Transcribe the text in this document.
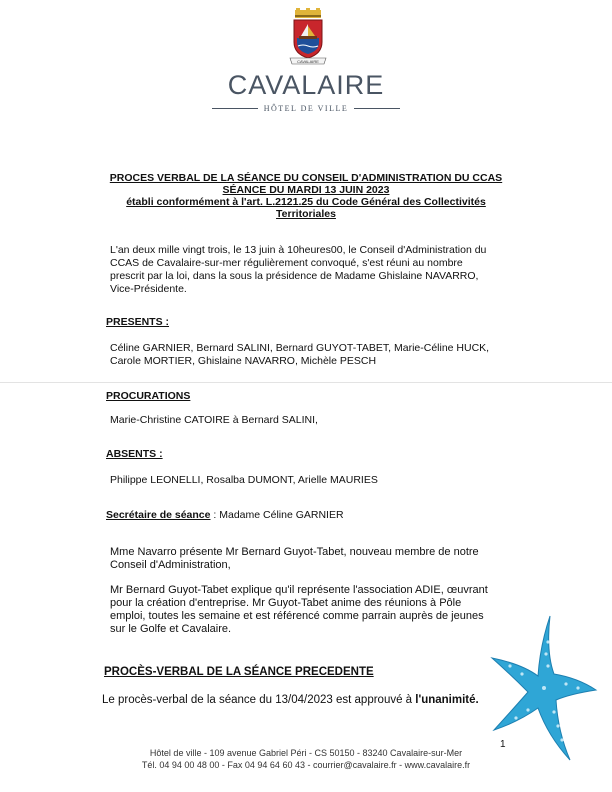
CAVALAIRE
CAVALAIRE
HÔTEL DE VILLE
PROCES VERBAL DE LA SÉANCE DU CONSEIL D'ADMINISTRATION DU CCAS
SÉANCE DU MARDI 13 JUIN 2023
établi conformément à l'art. L.2121.25 du Code Général des Collectivités
Territoriales
L'an deux mille vingt trois, le 13 juin à 10heures00, le Conseil d'Administration du
CCAS de Cavalaire-sur-mer régulièrement convoqué, s'est réuni au nombre
prescrit par la loi, dans la sous la présidence de Madame Ghislaine NAVARRO,
Vice-Présidente.
PRESENTS :
Céline GARNIER, Bernard SALINI, Bernard GUYOT-TABET, Marie-Céline HUCK,
Carole MORTIER, Ghislaine NAVARRO, Michèle PESCH
PROCURATIONS
Marie-Christine CATOIRE à Bernard SALINI,
ABSENTS :
Philippe LEONELLI, Rosalba DUMONT, Arielle MAURIES
Secrétaire de séance : Madame Céline GARNIER
Mme Navarro présente Mr Bernard Guyot-Tabet, nouveau membre de notre
Conseil d'Administration,
Mr Bernard Guyot-Tabet explique qu'il représente l'association ADIE, œuvrant
pour la création d'entreprise. Mr Guyot-Tabet anime des réunions à Pôle
emploi, toutes les semaine et est référencé comme parrain auprès de jeunes
sur le Golfe et Cavalaire.
PROCÈS-VERBAL DE LA SÉANCE PRECEDENTE
Le procès-verbal de la séance du 13/04/2023 est approuvé à l'unanimité.
1
Hôtel de ville - 109 avenue Gabriel Péri - CS 50150 - 83240 Cavalaire-sur-Mer
Tél. 04 94 00 48 00 - Fax 04 94 64 60 43 - courrier@cavalaire.fr - www.cavalaire.fr
